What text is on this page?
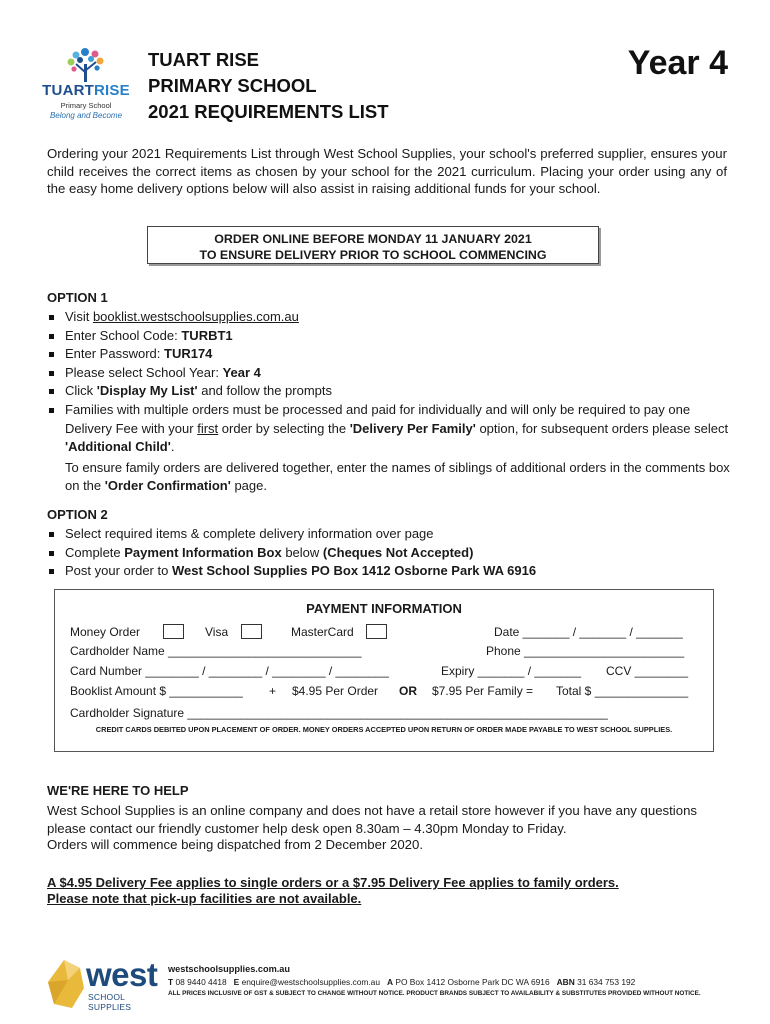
TUARTRISE
Primary School
Belong and Become
TUART RISE
PRIMARY SCHOOL
2021 REQUIREMENTS LIST
Year 4
Ordering your 2021 Requirements List through West School Supplies, your school's preferred supplier, ensures your child receives the correct items as chosen by your school for the 2021 curriculum. Placing your order using any of the easy home delivery options below will also assist in raising additional funds for your school.
ORDER ONLINE BEFORE MONDAY 11 JANUARY 2021
TO ENSURE DELIVERY PRIOR TO SCHOOL COMMENCING
OPTION 1
Visit booklist.westschoolsupplies.com.au
Enter School Code: TURBT1
Enter Password: TUR174
Please select School Year: Year 4
Click 'Display My List' and follow the prompts
Families with multiple orders must be processed and paid for individually and will only be required to pay one Delivery Fee with your first order by selecting the 'Delivery Per Family' option, for subsequent orders please select 'Additional Child'.
To ensure family orders are delivered together, enter the names of siblings of additional orders in the comments box on the 'Order Confirmation' page.
OPTION 2
Select required items & complete delivery information over page
Complete Payment Information Box below (Cheques Not Accepted)
Post your order to West School Supplies PO Box 1412 Osborne Park WA 6916
PAYMENT INFORMATION
Money Order	Visa	MasterCard	Date _______ / _______ / _______
Cardholder Name _____________________________	Phone ________________________
Card Number ________ / ________ / ________ / ________	Expiry _______ / _______ CCV ________
Booklist Amount $ ___________ + $4.95 Per Order OR $7.95 Per Family = Total $ ______________
Cardholder Signature _______________________________________________________________
CREDIT CARDS DEBITED UPON PLACEMENT OF ORDER. MONEY ORDERS ACCEPTED UPON RETURN OF ORDER MADE PAYABLE TO WEST SCHOOL SUPPLIES.
WE'RE HERE TO HELP
West School Supplies is an online company and does not have a retail store however if you have any questions please contact our friendly customer help desk open 8.30am – 4.30pm Monday to Friday.
Orders will commence being dispatched from 2 December 2020.
A $4.95 Delivery Fee applies to single orders or a $7.95 Delivery Fee applies to family orders.
Please note that pick-up facilities are not available.
west
SCHOOL SUPPLIES
westschoolsupplies.com.au
T 08 9440 4418 E enquire@westschoolsupplies.com.au A PO Box 1412 Osborne Park DC WA 6916 ABN 31 634 753 192
ALL PRICES INCLUSIVE OF GST & SUBJECT TO CHANGE WITHOUT NOTICE. PRODUCT BRANDS SUBJECT TO AVAILABILITY & SUBSTITUTES PROVIDED WITHOUT NOTICE.
